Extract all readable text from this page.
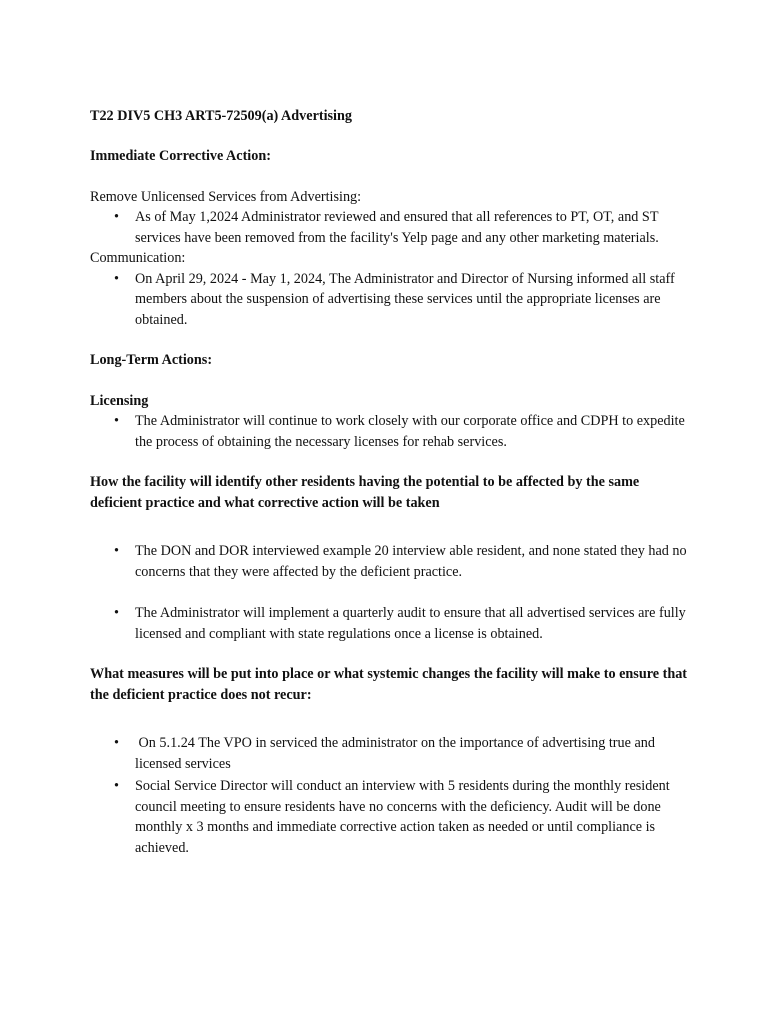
T22 DIV5 CH3 ART5-72509(a) Advertising

Immediate Corrective Action:

Remove Unlicensed Services from Advertising:

• As of May 1,2024 Administrator reviewed and ensured that all references to PT, OT, and ST services have been removed from the facility's Yelp page and any other marketing materials.

Communication:

• On April 29, 2024 - May 1, 2024, The Administrator and Director of Nursing informed all staff members about the suspension of advertising these services until the appropriate licenses are obtained.

Long-Term Actions:

Licensing

• The Administrator will continue to work closely with our corporate office and CDPH to expedite the process of obtaining the necessary licenses for rehab services.

How the facility will identify other residents having the potential to be affected by the same deficient practice and what corrective action will be taken

• The DON and DOR interviewed example 20 interview able resident, and none stated they had no concerns that they were affected by the deficient practice.
• The Administrator will implement a quarterly audit to ensure that all advertised services are fully licensed and compliant with state regulations once a license is obtained.

What measures will be put into place or what systemic changes the facility will make to ensure that the deficient practice does not recur:

• On 5.1.24 The VPO in serviced the administrator on the importance of advertising true and licensed services
• Social Service Director will conduct an interview with 5 residents during the monthly resident council meeting to ensure residents have no concerns with the deficiency. Audit will be done monthly x 3 months and immediate corrective action taken as needed or until compliance is achieved.
